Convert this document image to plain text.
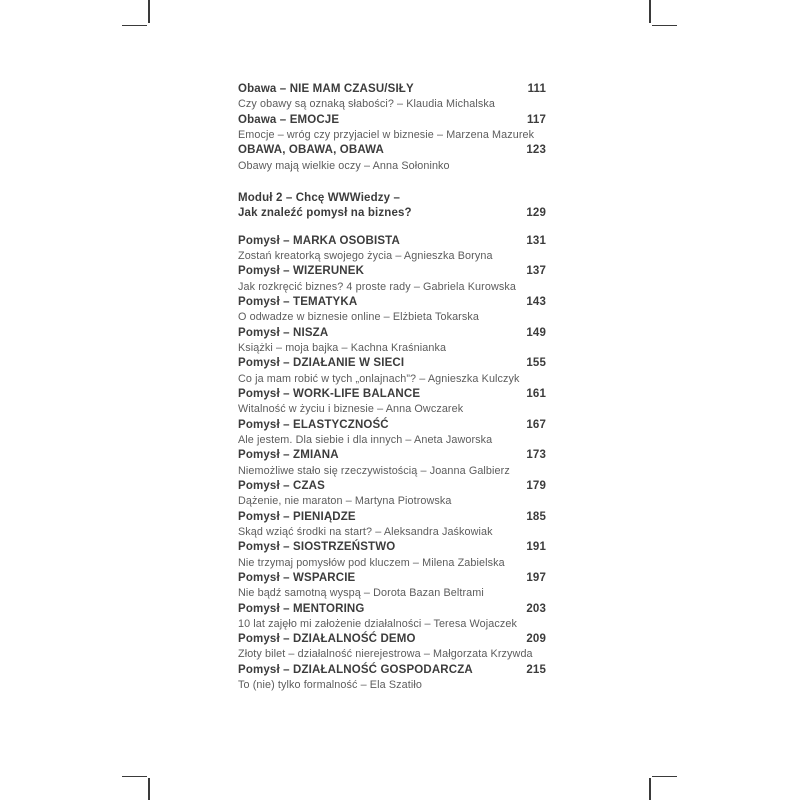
Obawa – NIE MAM CZASU/SIŁY	111
Czy obawy są oznaką słabości? – Klaudia Michalska
Obawa – EMOCJE	117
Emocje – wróg czy przyjaciel w biznesie – Marzena Mazurek
OBAWA, OBAWA, OBAWA	123
Obawy mają wielkie oczy – Anna Sołoninko
Moduł 2 – Chcę WWWiedzy –
Jak znaleźć pomysł na biznes?	129
Pomysł – MARKA OSOBISTA	131
Zostań kreatorką swojego życia – Agnieszka Boryna
Pomysł – WIZERUNEK	137
Jak rozkręcić biznes? 4 proste rady – Gabriela Kurowska
Pomysł – TEMATYKA	143
O odwadze w biznesie online – Elżbieta Tokarska
Pomysł – NISZA	149
Książki – moja bajka – Kachna Kraśnianka
Pomysł – DZIAŁANIE W SIECI	155
Co ja mam robić w tych „onlajnach”? – Agnieszka Kulczyk
Pomysł – WORK-LIFE BALANCE	161
Witalność w życiu i biznesie – Anna Owczarek
Pomysł – ELASTYCZNOŚĆ	167
Ale jestem. Dla siebie i dla innych – Aneta Jaworska
Pomysł – ZMIANA	173
Niemożliwe stało się rzeczywistością – Joanna Galbierz
Pomysł – CZAS	179
Dążenie, nie maraton – Martyna Piotrowska
Pomysł – PIENIĄDZE	185
Skąd wziąć środki na start? – Aleksandra Jaśkowiak
Pomysł – SIOSTRZEŃSTWO	191
Nie trzymaj pomysłów pod kluczem – Milena Zabielska
Pomysł – WSPARCIE	197
Nie bądź samotną wyspą – Dorota Bazan Beltrami
Pomysł – MENTORING	203
10 lat zajęło mi założenie działalności – Teresa Wojaczek
Pomysł – DZIAŁALNOŚĆ DEMO	209
Złoty bilet – działalność nierejestrowa – Małgorzata Krzywda
Pomysł – DZIAŁALNOŚĆ GOSPODARCZA	215
To (nie) tylko formalność – Ela Szatiło
